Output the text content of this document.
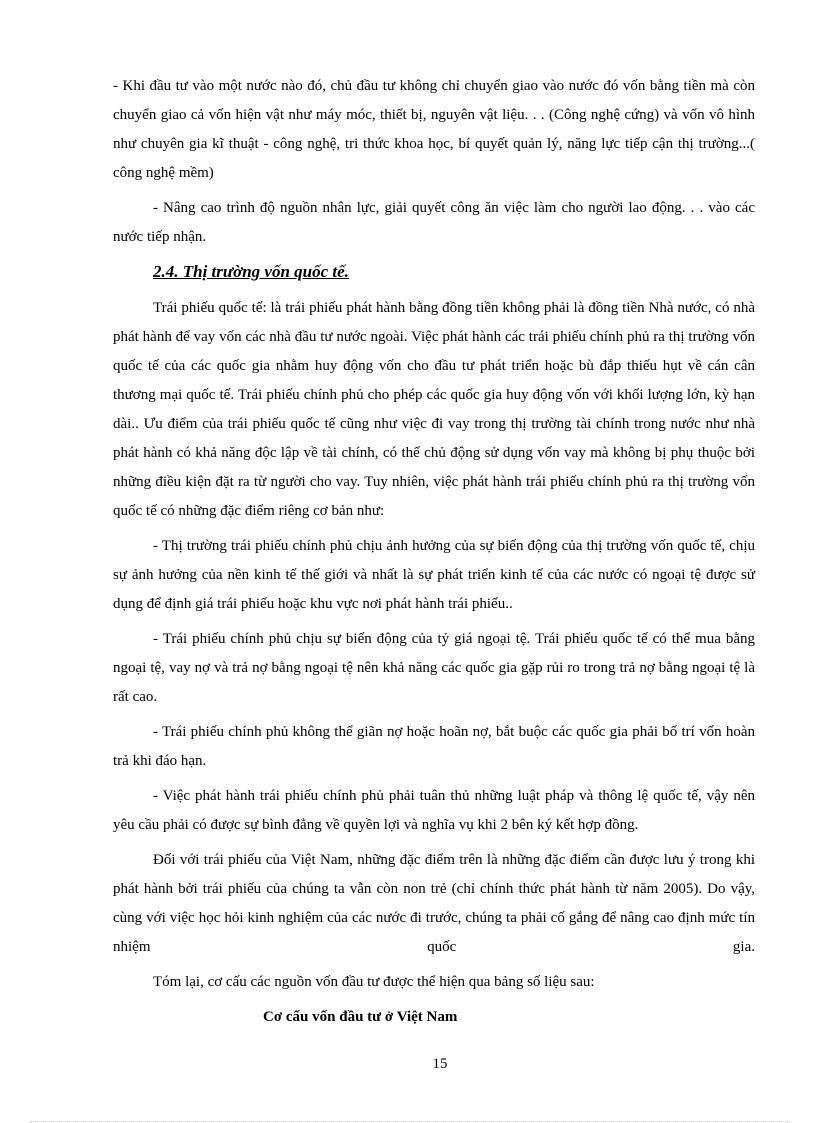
- Khi đầu tư vào một nước nào đó, chủ đầu tư không chỉ chuyển giao vào nước đó vốn bằng tiền mà còn chuyển giao cả vốn hiện vật như máy móc, thiết bị, nguyên vật liệu. . . (Công nghệ cứng) và vốn vô hình như chuyên gia kĩ thuật - công nghệ, tri thức khoa học, bí quyết quản lý, năng lực tiếp cận thị trường...( công nghệ mềm)

- Nâng cao trình độ nguồn nhân lực, giải quyết công ăn việc làm cho người lao động. . . vào các nước tiếp nhận.

2.4. Thị trường vốn quốc tế.

Trái phiếu quốc tế: là trái phiếu phát hành bằng đồng tiền không phải là đồng tiền Nhà nước, có nhà phát hành để vay vốn các nhà đầu tư nước ngoài. Việc phát hành các trái phiếu chính phủ ra thị trường vốn quốc tế của các quốc gia nhằm huy động vốn cho đầu tư phát triển hoặc bù đắp thiếu hụt về cán cân thương mại quốc tế. Trái phiếu chính phủ cho phép các quốc gia huy động vốn với khối lượng lớn, kỳ hạn dài.. Ưu điểm của trái phiếu quốc tế cũng như việc đi vay trong thị trường tài chính trong nước như nhà phát hành có khả năng độc lập về tài chính, có thể chủ động sử dụng vốn vay mà không bị phụ thuộc bởi những điều kiện đặt ra từ người cho vay. Tuy nhiên, việc phát hành trái phiếu chính phủ ra thị trường vốn quốc tế có những đặc điểm riêng cơ bản như:

- Thị trường trái phiếu chính phủ chịu ảnh hưởng của sự biến động của thị trường vốn quốc tế, chịu sự ảnh hưởng của nền kinh tế thế giới và nhất là sự phát triển kinh tế của các nước có ngoại tệ được sử dụng để định giá trái phiếu hoặc khu vực nơi phát hành trái phiếu..

- Trái phiếu chính phủ chịu sự biến động của tỷ giá ngoại tệ. Trái phiếu quốc tế có thể mua bằng ngoại tệ, vay nợ và trả nợ bằng ngoại tệ nên khả năng các quốc gia gặp rủi ro trong trả nợ bằng ngoại tệ là rất cao.

- Trái phiếu chính phủ không thể giãn nợ hoặc hoãn nợ, bắt buộc các quốc gia phải bố trí vốn hoàn trả khi đáo hạn.

- Việc phát hành trái phiếu chính phủ phải tuân thủ những luật pháp và thông lệ quốc tế, vậy nên yêu cầu phải có được sự bình đẳng về quyền lợi và nghĩa vụ khi 2 bên ký kết hợp đồng.

Đối với trái phiếu của Việt Nam, những đặc điểm trên là những đặc điểm cần được lưu ý trong khi phát hành bởi trái phiếu của chúng ta vẫn còn non trẻ (chỉ chính thức phát hành từ năm 2005). Do vậy, cùng với việc học hỏi kinh nghiệm của các nước đi trước, chúng ta phải cố gắng để nâng cao định mức tín nhiệm quốc gia.

Tóm lại, cơ cấu các nguồn vốn đầu tư được thể hiện qua bảng số liệu sau:

Cơ cấu vốn đầu tư ở Việt Nam
15
